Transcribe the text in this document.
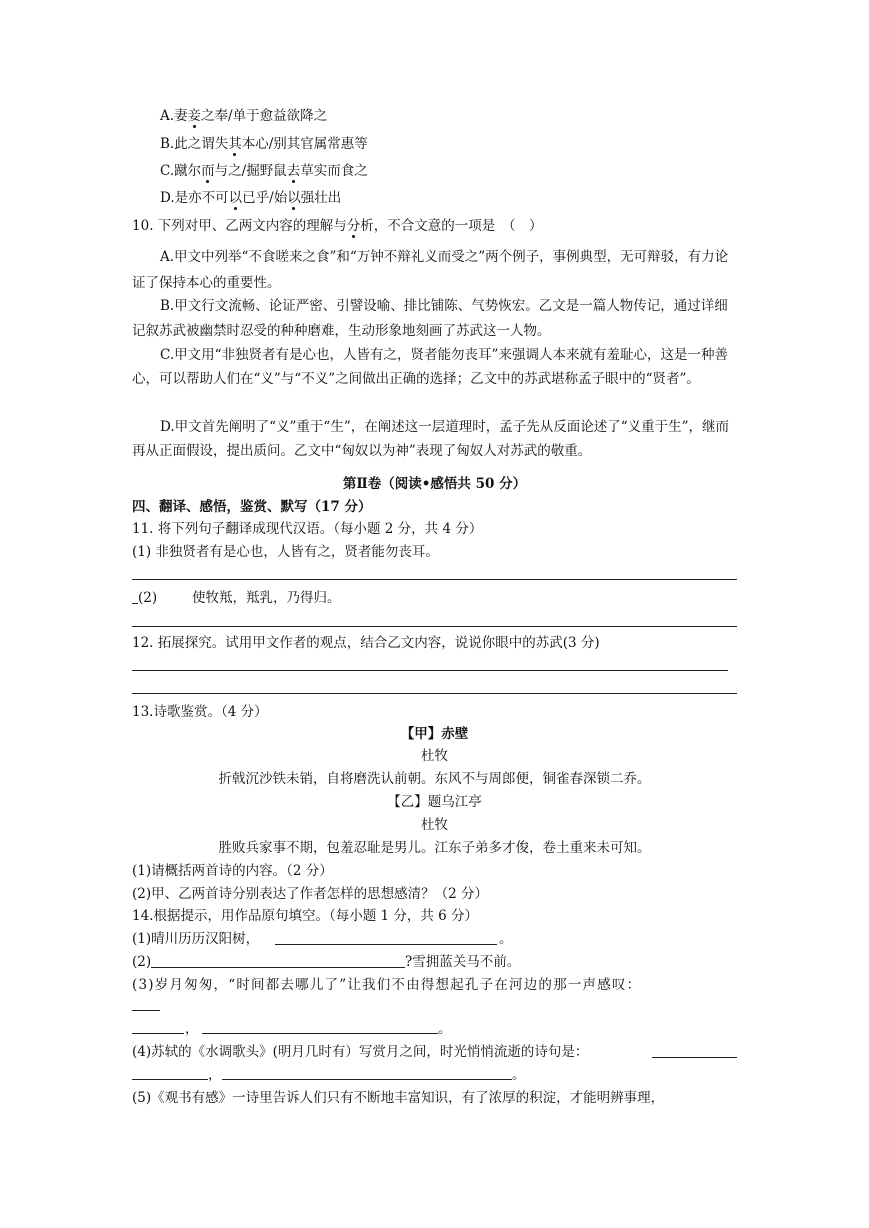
A.妻妾之奉/单于愈益欲降之
B.此之谓失其本心/别其官属常惠等
C.蹴尔而与之/掘野鼠去草实而食之
D.是亦不可以已乎/始以强壮出
10. 下列对甲、乙两文内容的理解与分析，不合文意的一项是　 （　 ）
A.甲文中列举“不食嗟来之食”和“万钟不辩礼义而受之”两个例子，事例典型，无可辩驳，有力论证了保持本心的重要性。
B.甲文行文流畅、论证严密、引譬设喻、排比铺陈、气势恢宏。乙文是一篇人物传记，通过详细记叙苏武被幽禁时忍受的种种磨难，生动形象地刻画了苏武这一人物。
C.甲文用“非独贤者有是心也，人皆有之，贤者能勿丧耳”来强调人本来就有羞耻心，这是一种善心，可以帮助人们在“义”与“不义”之间做出正确的选择；乙文中的苏武堪称孟子眼中的“贤者”。
D.甲文首先阐明了“义”重于“生”，在阐述这一层道理时，孟子先从反面论述了“义重于生”，继而再从正面假设，提出质问。乙文中“匈奴以为神”表现了匈奴人对苏武的敬重。
第Ⅱ卷（阅读•感悟共 50 分）
四、翻译、感悟，鉴赏、默写（17 分）
11. 将下列句子翻译成现代汉语。（每小题 2 分，共 4 分）
(1) 非独贤者有是心也，人皆有之，贤者能勿丧耳。
(2)	使牧羝，羝乳，乃得归。
12. 拓展探究。试用甲文作者的观点，结合乙文内容，说说你眼中的苏武(3 分)
13.诗歌鉴赏。（4 分）
【甲】赤壁
杜牧
折戟沉沙铁未销，自将磨洗认前朝。东风不与周郎便，铜雀春深锁二乔。
【乙】题乌江亭
杜牧
胜败兵家事不期，包羞忍耻是男儿。江东子弟多才俊，卷土重来未可知。
(1)请概括两首诗的内容。（2 分）
(2)甲、乙两首诗分别表达了作者怎样的思想感清？（2 分）
14.根据提示，用作品原句填空。（每小题 1 分，共 6 分）
(1)晴川历历汉阳树，	。
(2)	?雪拥蓝关马不前。
(3)岁月匆匆，“时间都去哪儿了”让我们不由得想起孔子在河边的那一声感叹：
，	。
(4)苏轼的《水调歌头》(明月几时有）写赏月之间，时光悄悄流逝的诗句是：
，	。
(5)《观书有感》一诗里告诉人们只有不断地丰富知识，有了浓厚的积淀，才能明辨事理，
